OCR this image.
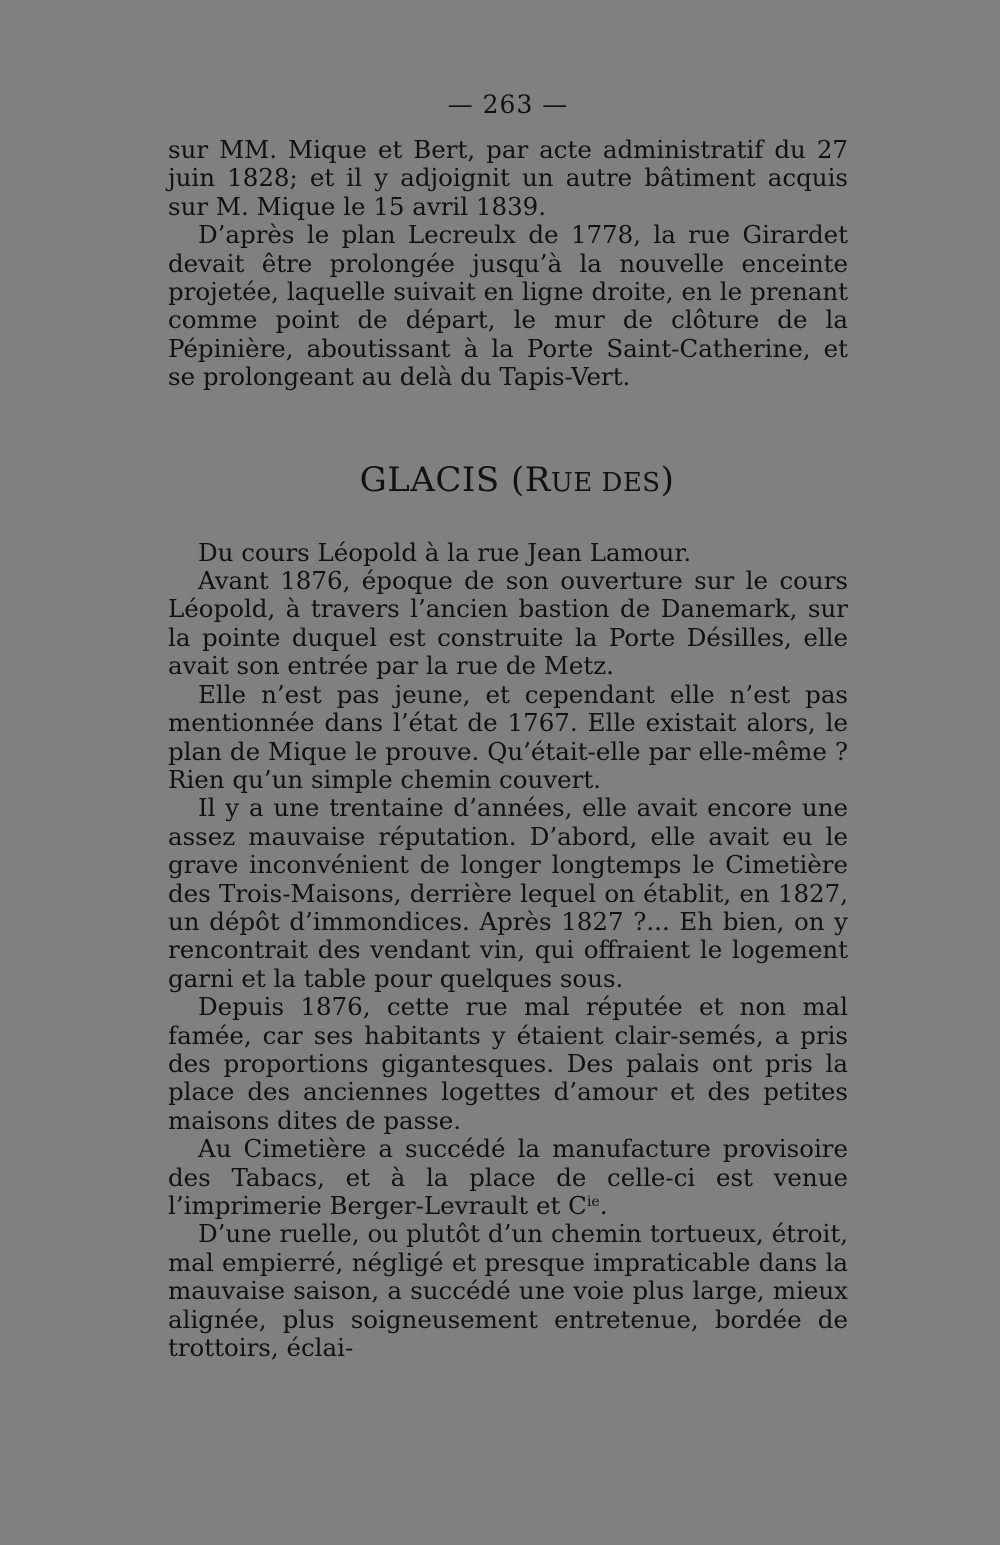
— 263 —

sur MM. Mique et Bert, par acte administratif du 27 juin 1828; et il y adjoignit un autre bâtiment acquis sur M. Mique le 15 avril 1839.

D’après le plan Lecreulx de 1778, la rue Girardet devait être prolongée jusqu’à la nouvelle enceinte projetée, laquelle suivait en ligne droite, en le prenant comme point de départ, le mur de clôture de la Pépinière, aboutissant à la Porte Saint-Catherine, et se prolongeant au delà du Tapis-Vert.

GLACIS (RUE DES)

Du cours Léopold à la rue Jean Lamour.

Avant 1876, époque de son ouverture sur le cours Léopold, à travers l’ancien bastion de Danemark, sur la pointe duquel est construite la Porte Désilles, elle avait son entrée par la rue de Metz.

Elle n’est pas jeune, et cependant elle n’est pas mentionnée dans l’état de 1767. Elle existait alors, le plan de Mique le prouve. Qu’était-elle par elle-même ? Rien qu’un simple chemin couvert.

Il y a une trentaine d’années, elle avait encore une assez mauvaise réputation. D’abord, elle avait eu le grave inconvénient de longer longtemps le Cimetière des Trois-Maisons, derrière lequel on établit, en 1827, un dépôt d’immondices. Après 1827 ?... Eh bien, on y rencontrait des vendant vin, qui offraient le logement garni et la table pour quelques sous.

Depuis 1876, cette rue mal réputée et non mal famée, car ses habitants y étaient clair-semés, a pris des proportions gigantesques. Des palais ont pris la place des anciennes logettes d’amour et des petites maisons dites de passe.

Au Cimetière a succédé la manufacture provisoire des Tabacs, et à la place de celle-ci est venue l’imprimerie Berger-Levrault et $C^{ie}$.

D’une ruelle, ou plutôt d’un chemin tortueux, étroit, mal empierré, négligé et presque impraticable dans la mauvaise saison, a succédé une voie plus large, mieux alignée, plus soigneusement entretenue, bordée de trottoirs, éclai-
